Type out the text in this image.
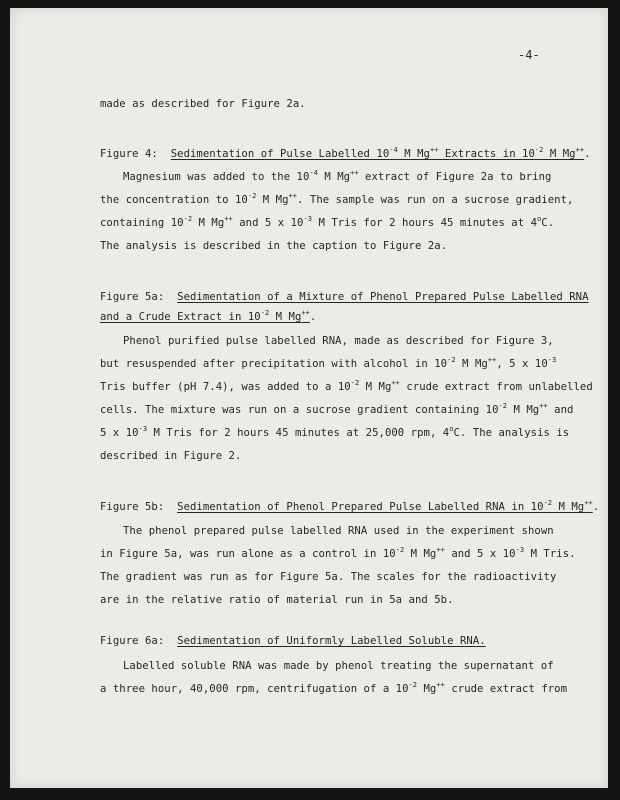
-4-
made as described for Figure 2a.
Figure 4: Sedimentation of Pulse Labelled $10^{-4}$ M Mg++ Extracts in $10^{-2}$ M Mg++.
Magnesium was added to the $10^{-4}$ M Mg++ extract of Figure 2a to bring
the concentration to $10^{-2}$ M Mg++. The sample was run on a sucrose gradient,
containing $10^{-2}$ M Mg++ and 5 x $10^{-3}$ M Tris for 2 hours 45 minutes at 4$^o$C.
The analysis is described in the caption to Figure 2a.
Figure 5a: Sedimentation of a Mixture of Phenol Prepared Pulse Labelled RNA
and a Crude Extract in $10^{-2}$ M Mg++.
Phenol purified pulse labelled RNA, made as described for Figure 3,
but resuspended after precipitation with alcohol in $10^{-2}$ M Mg++, 5 x $10^{-3}$
Tris buffer (pH 7.4), was added to a $10^{-2}$ M Mg++ crude extract from unlabelled
cells. The mixture was run on a sucrose gradient containing $10^{-2}$ M Mg++ and
5 x $10^{-3}$ M Tris for 2 hours 45 minutes at 25,000 rpm, 4$^o$C. The analysis is
described in Figure 2.
Figure 5b: Sedimentation of Phenol Prepared Pulse Labelled RNA in $10^{-2}$ M Mg++.
The phenol prepared pulse labelled RNA used in the experiment shown
in Figure 5a, was run alone as a control in $10^{-2}$ M Mg++ and 5 x $10^{-3}$ M Tris.
The gradient was run as for Figure 5a. The scales for the radioactivity
are in the relative ratio of material run in 5a and 5b.
Figure 6a: Sedimentation of Uniformly Labelled Soluble RNA.
Labelled soluble RNA was made by phenol treating the supernatant of
a three hour, 40,000 rpm, centrifugation of a $10^{-2}$ Mg++ crude extract from
